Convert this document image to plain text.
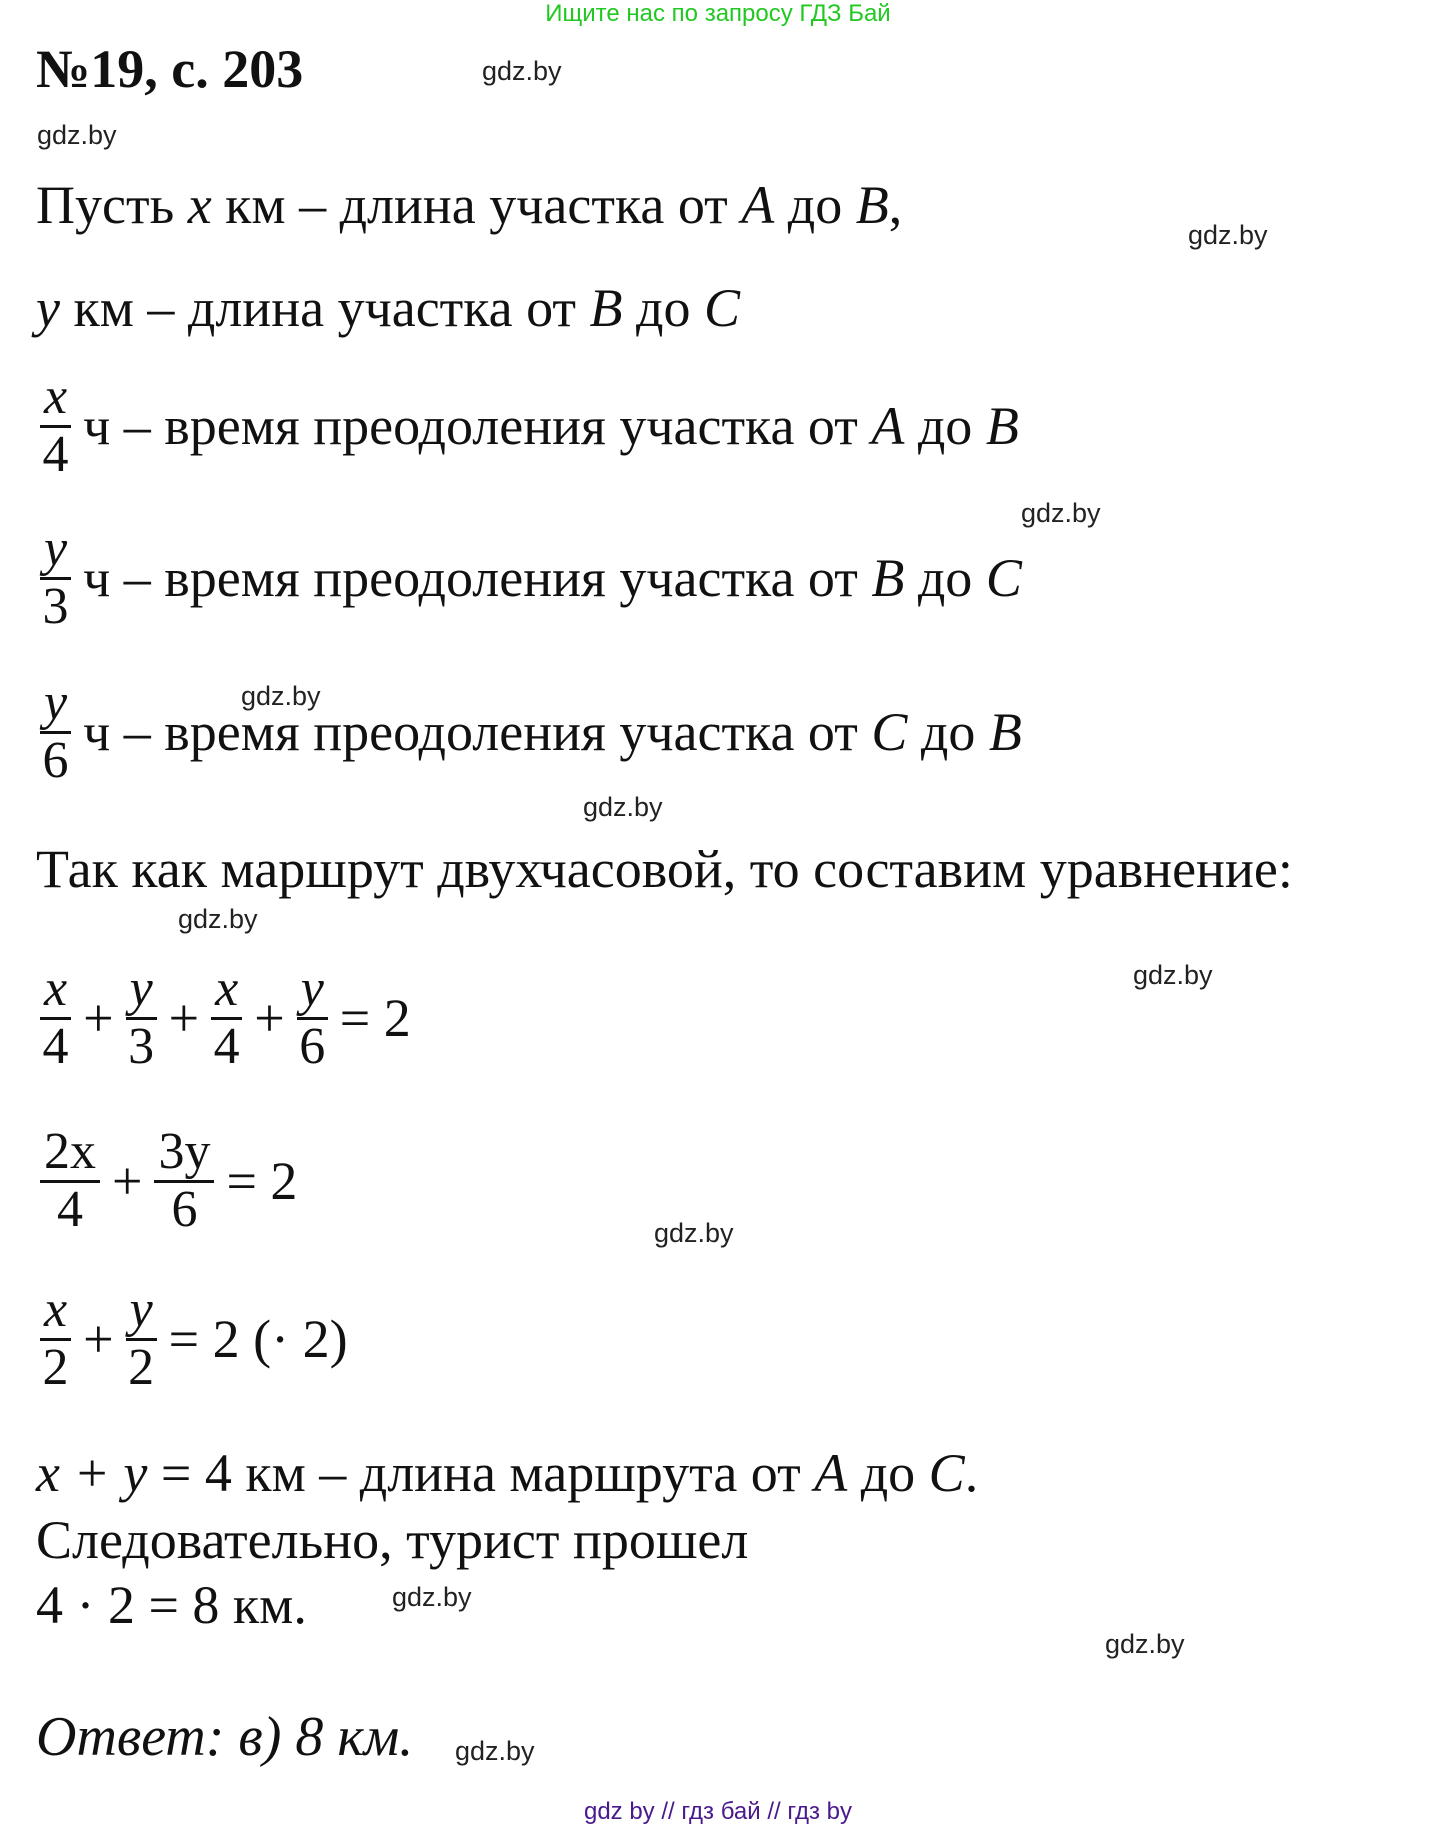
Ищите нас по запросу ГДЗ Бай
№19, с. 203	gdz.by
gdz.by
gdz.by
gdz.by
gdz.by
gdz.by
gdz.by
gdz.by
gdz.by
gdz.by
gdz.by
gdz.by
Пусть x км – длина участка от A до B,
y км – длина участка от B до C
$\frac{x}{4}$ ч – время преодоления участка от A до B
$\frac{y}{3}$ ч – время преодоления участка от B до C
$\frac{y}{6}$ ч – время преодоления участка от C до B
Так как маршрут двухчасовой, то составим уравнение:
$\frac{x}{4} + \frac{y}{3} + \frac{x}{4} + \frac{y}{6} = 2$
$\frac{2x}{4} + \frac{3y}{6} = 2$
$\frac{x}{2} + \frac{y}{2} = 2$ (· 2)
x + y = 4 км – длина маршрута от A до C.
Следовательно, турист прошел
4 · 2 = 8 км.
Ответ: в) 8 км.
gdz by // гдз бай // гдз by
